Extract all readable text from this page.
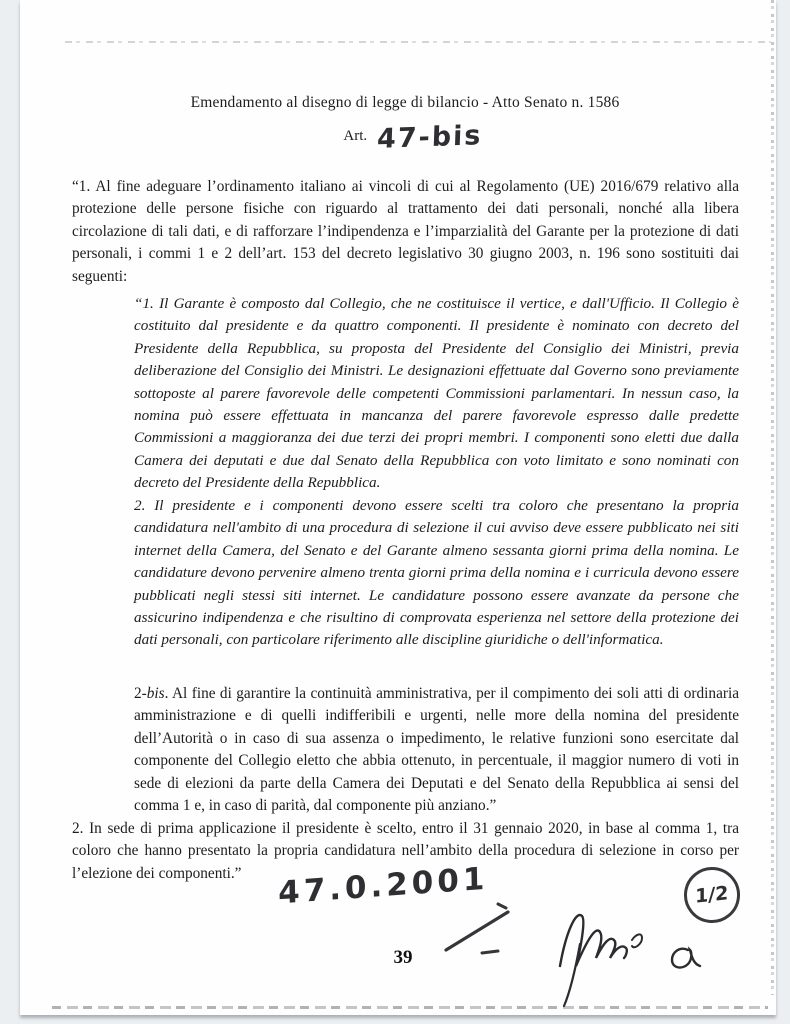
Emendamento al disegno di legge di bilancio - Atto Senato n. 1586
Art. 47-bis

“1. Al fine adeguare l’ordinamento italiano ai vincoli di cui al Regolamento (UE) 2016/679 relativo alla protezione delle persone fisiche con riguardo al trattamento dei dati personali, nonché alla libera circolazione di tali dati, e di rafforzare l’indipendenza e l’imparzialità del Garante per la protezione di dati personali, i commi 1 e 2 dell’art. 153 del decreto legislativo 30 giugno 2003, n. 196 sono sostituiti dai seguenti:

“1. Il Garante è composto dal Collegio, che ne costituisce il vertice, e dall'Ufficio. Il Collegio è costituito dal presidente e da quattro componenti. Il presidente è nominato con decreto del Presidente della Repubblica, su proposta del Presidente del Consiglio dei Ministri, previa deliberazione del Consiglio dei Ministri. Le designazioni effettuate dal Governo sono previamente sottoposte al parere favorevole delle competenti Commissioni parlamentari. In nessun caso, la nomina può essere effettuata in mancanza del parere favorevole espresso dalle predette Commissioni a maggioranza dei due terzi dei propri membri. I componenti sono eletti due dalla Camera dei deputati e due dal Senato della Repubblica con voto limitato e sono nominati con decreto del Presidente della Repubblica.

2. Il presidente e i componenti devono essere scelti tra coloro che presentano la propria candidatura nell'ambito di una procedura di selezione il cui avviso deve essere pubblicato nei siti internet della Camera, del Senato e del Garante almeno sessanta giorni prima della nomina. Le candidature devono pervenire almeno trenta giorni prima della nomina e i curricula devono essere pubblicati negli stessi siti internet. Le candidature possono essere avanzate da persone che assicurino indipendenza e che risultino di comprovata esperienza nel settore della protezione dei dati personali, con particolare riferimento alle discipline giuridiche o dell'informatica.

2-bis. Al fine di garantire la continuità amministrativa, per il compimento dei soli atti di ordinaria amministrazione e di quelli indifferibili e urgenti, nelle more della nomina del presidente dell’Autorità o in caso di sua assenza o impedimento, le relative funzioni sono esercitate dal componente del Collegio eletto che abbia ottenuto, in percentuale, il maggior numero di voti in sede di elezioni da parte della Camera dei Deputati e del Senato della Repubblica ai sensi del comma 1 e, in caso di parità, dal componente più anziano.”

2. In sede di prima applicazione il presidente è scelto, entro il 31 gennaio 2020, in base al comma 1, tra coloro che hanno presentato la propria candidatura nell’ambito della procedura di selezione in corso per l’elezione dei componenti.”	47.0.2001	1/2
39
